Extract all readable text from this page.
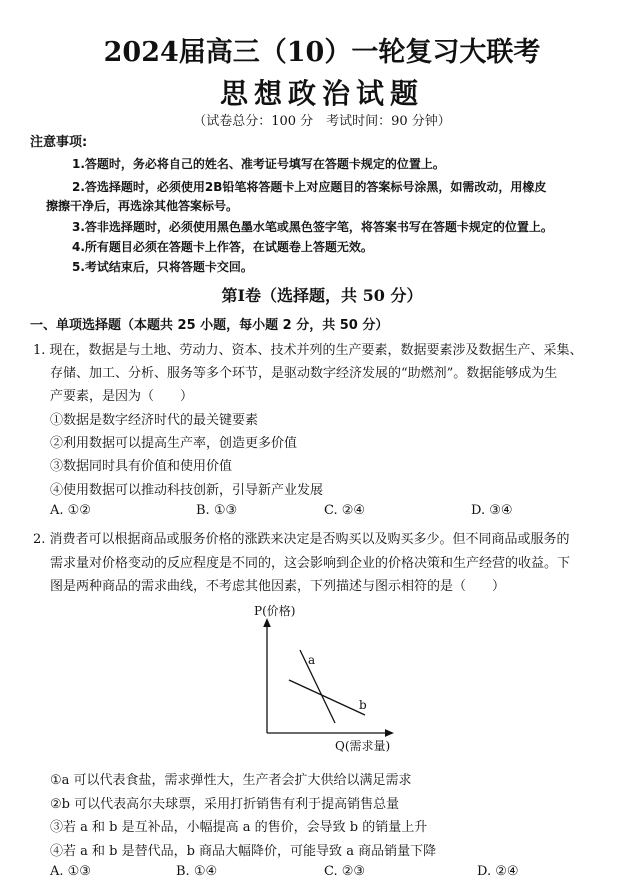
2024届高三（10）一轮复习大联考
思想政治试题
（试卷总分：100 分　考试时间：90 分钟）
注意事项:
1.答题时，务必将自己的姓名、准考证号填写在答题卡规定的位置上。
2.答选择题时，必须使用2B铅笔将答题卡上对应题目的答案标号涂黑，如需改动，用橡皮
擦擦干净后，再选涂其他答案标号。
3.答非选择题时，必须使用黑色墨水笔或黑色签字笔，将答案书写在答题卡规定的位置上。
4.所有题目必须在答题卡上作答，在试题卷上答题无效。
5.考试结束后，只将答题卡交回。
第Ⅰ卷（选择题，共 50 分）
一、单项选择题（本题共 25 小题，每小题 2 分，共 50 分）
1. 现在，数据是与土地、劳动力、资本、技术并列的生产要素，数据要素涉及数据生产、采集、
存储、加工、分析、服务等多个环节，是驱动数字经济发展的“助燃剂”。数据能够成为生
产要素，是因为（　　）
①数据是数字经济时代的最关键要素
②利用数据可以提高生产率，创造更多价值
③数据同时具有价值和使用价值
④使用数据可以推动科技创新，引导新产业发展
A. ①②	B. ①③	C. ②④	D. ③④
2. 消费者可以根据商品或服务价格的涨跌来决定是否购买以及购买多少。但不同商品或服务的
需求量对价格变动的反应程度是不同的，这会影响到企业的价格决策和生产经营的收益。下
图是两种商品的需求曲线，不考虑其他因素，下列描述与图示相符的是（　　）
P(价格)
Q(需求量)
a
b
①a 可以代表食盐，需求弹性大，生产者会扩大供给以满足需求
②b 可以代表高尔夫球票，采用打折销售有利于提高销售总量
③若 a 和 b 是互补品，小幅提高 a 的售价，会导致 b 的销量上升
④若 a 和 b 是替代品，b 商品大幅降价，可能导致 a 商品销量下降
A. ①③	B. ①④	C. ②③	D. ②④
